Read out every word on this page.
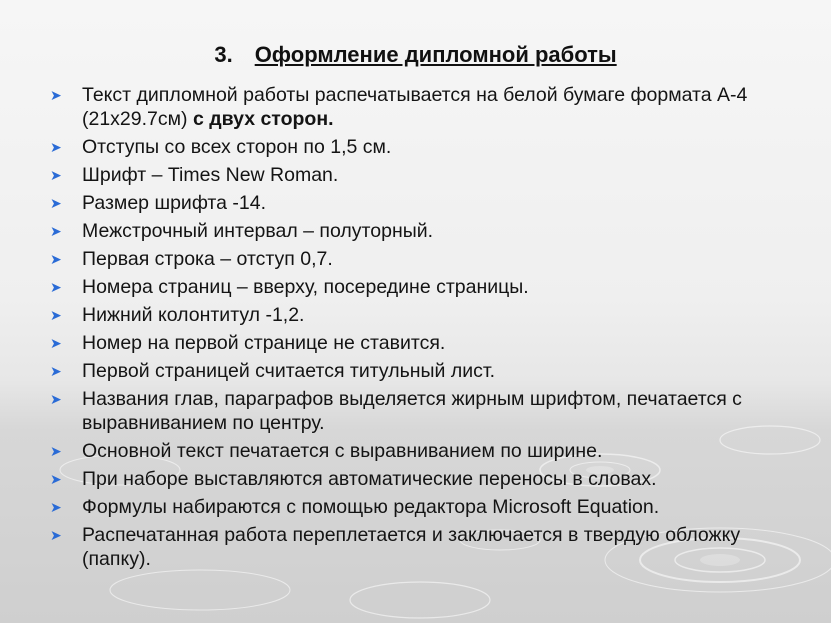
3. Оформление дипломной работы
➤ Текст дипломной работы распечатывается на белой бумаге формата А-4 (21х29.7см) с двух сторон.
➤ Отступы со всех сторон по 1,5 см.
➤ Шрифт – Times New Roman.
➤ Размер шрифта -14.
➤ Межстрочный интервал – полуторный.
➤ Первая строка – отступ 0,7.
➤ Номера страниц – вверху, посередине страницы.
➤ Нижний колонтитул -1,2.
➤ Номер на первой странице не ставится.
➤ Первой страницей считается титульный лист.
➤ Названия глав, параграфов выделяется жирным шрифтом, печатается с выравниванием по центру.
➤ Основной текст печатается с выравниванием по ширине.
➤ При наборе выставляются автоматические переносы в словах.
➤ Формулы набираются с помощью редактора Microsoft Equation.
➤ Распечатанная работа переплетается и заключается в твердую обложку (папку).
